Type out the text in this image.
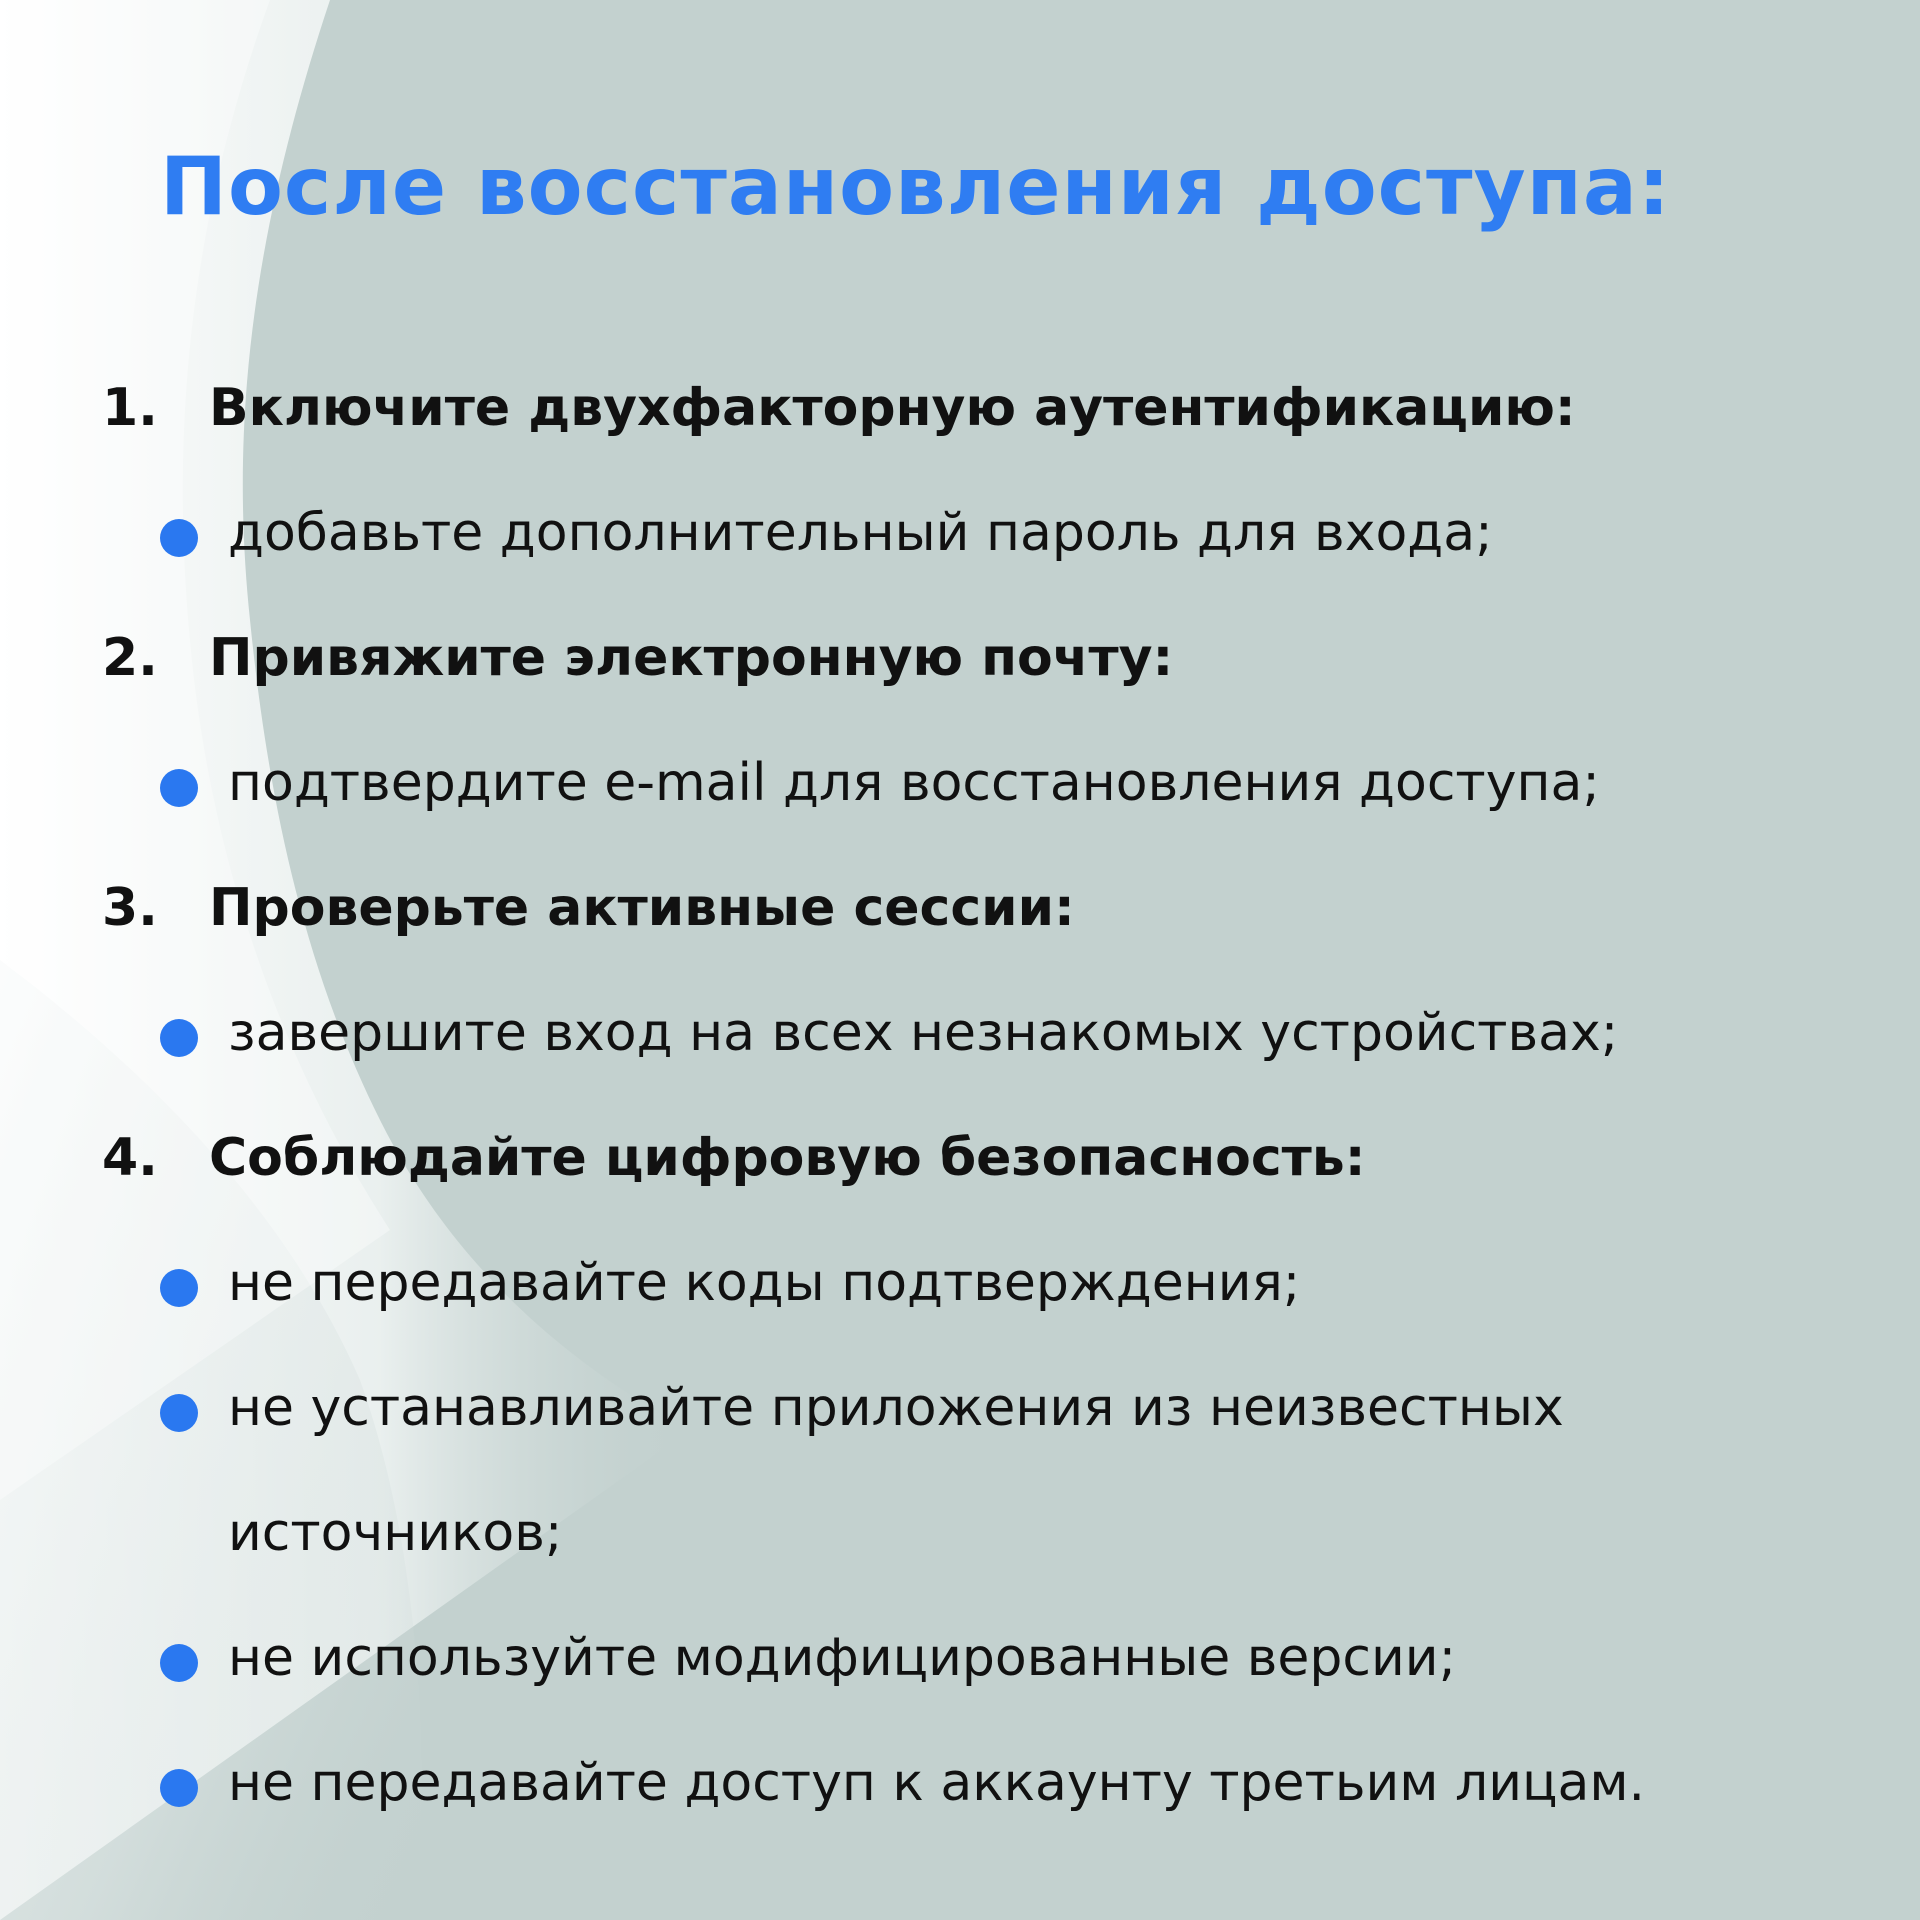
После восстановления доступа:
1. Включите двухфакторную аутентификацию:
добавьте дополнительный пароль для входа;
2. Привяжите электронную почту:
подтвердите e-mail для восстановления доступа;
3. Проверьте активные сессии:
завершите вход на всех незнакомых устройствах;
4. Соблюдайте цифровую безопасность:
не передавайте коды подтверждения;
не устанавливайте приложения из неизвестных
источников;
не используйте модифицированные версии;
не передавайте доступ к аккаунту третьим лицам.
